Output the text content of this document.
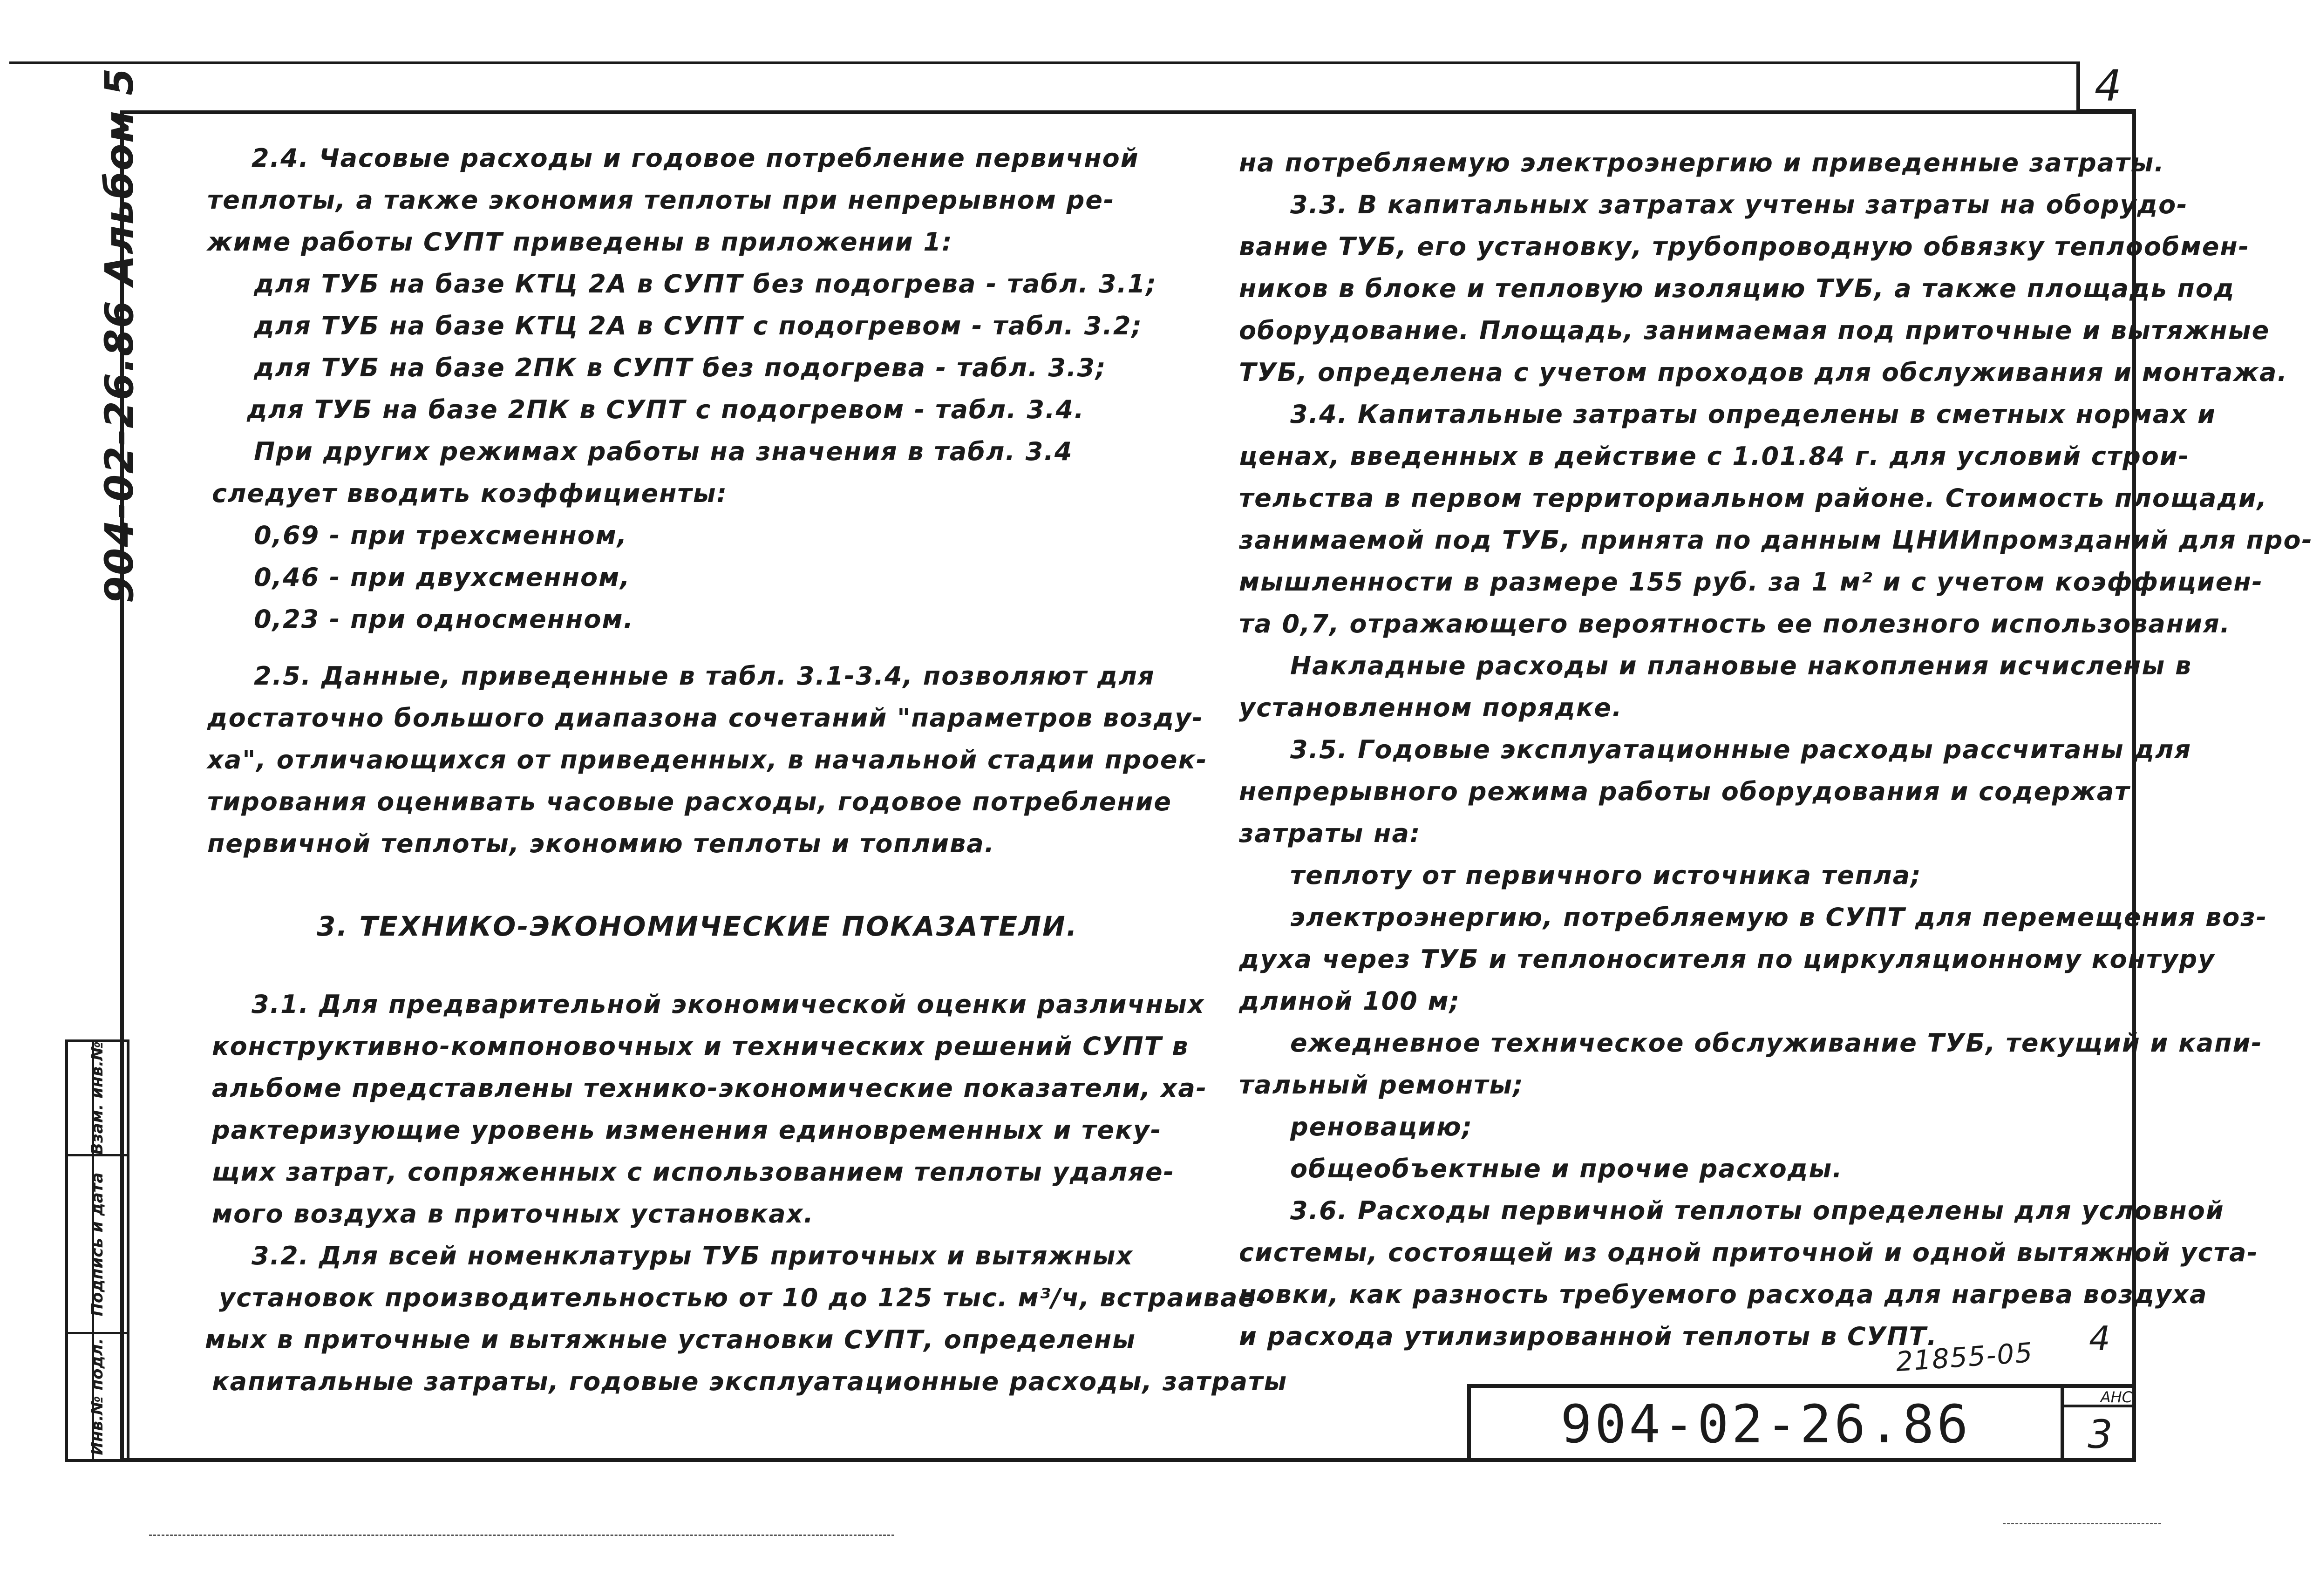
4
904-02-26.86 Альбом 5
Взам. инв.№
Подпись и дата
Инв.№ подл.
2.4. Часовые расходы и годовое потребление первичной
теплоты, а также экономия теплоты при непрерывном ре-
жиме работы СУПТ приведены в приложении 1:
для ТУБ на базе КТЦ 2А в СУПТ без подогрева - табл. 3.1;
для ТУБ на базе КТЦ 2А в СУПТ с подогревом - табл. 3.2;
для ТУБ на базе 2ПК в СУПТ без подогрева - табл. 3.3;
для ТУБ на базе 2ПК в СУПТ с подогревом - табл. 3.4.
При других режимах работы на значения в табл. 3.4
следует вводить коэффициенты:
0,69 - при трехсменном,
0,46 - при двухсменном,
0,23 - при односменном.
2.5. Данные, приведенные в табл. 3.1-3.4, позволяют для
достаточно большого диапазона сочетаний "параметров возду-
ха", отличающихся от приведенных, в начальной стадии проек-
тирования оценивать часовые расходы, годовое потребление
первичной теплоты, экономию теплоты и топлива.
3. ТЕХНИКО-ЭКОНОМИЧЕСКИЕ ПОКАЗАТЕЛИ.
3.1. Для предварительной экономической оценки различных
конструктивно-компоновочных и технических решений СУПТ в
альбоме представлены технико-экономические показатели, ха-
рактеризующие уровень изменения единовременных и теку-
щих затрат, сопряженных с использованием теплоты удаляе-
мого воздуха в приточных установках.
3.2. Для всей номенклатуры ТУБ приточных и вытяжных
установок производительностью от 10 до 125 тыс. м³/ч, встраивае-
мых в приточные и вытяжные установки СУПТ, определены
капитальные затраты, годовые эксплуатационные расходы, затраты
на потребляемую электроэнергию и приведенные затраты.
3.3. В капитальных затратах учтены затраты на оборудо-
вание ТУБ, его установку, трубопроводную обвязку теплообмен-
ников в блоке и тепловую изоляцию ТУБ, а также площадь под
оборудование. Площадь, занимаемая под приточные и вытяжные
ТУБ, определена с учетом проходов для обслуживания и монтажа.
3.4. Капитальные затраты определены в сметных нормах и
ценах, введенных в действие с 1.01.84 г. для условий строи-
тельства в первом территориальном районе. Стоимость площади,
занимаемой под ТУБ, принята по данным ЦНИИпромзданий для про-
мышленности в размере 155 руб. за 1 м² и с учетом коэффициен-
та 0,7, отражающего вероятность ее полезного использования.
Накладные расходы и плановые накопления исчислены в
установленном порядке.
3.5. Годовые эксплуатационные расходы рассчитаны для
непрерывного режима работы оборудования и содержат
затраты на:
теплоту от первичного источника тепла;
электроэнергию, потребляемую в СУПТ для перемещения воз-
духа через ТУБ и теплоносителя по циркуляционному контуру
длиной 100 м;
ежедневное техническое обслуживание ТУБ, текущий и капи-
тальный ремонты;
реновацию;
общеобъектные и прочие расходы.
3.6. Расходы первичной теплоты определены для условной
системы, состоящей из одной приточной и одной вытяжной уста-
новки, как разность требуемого расхода для нагрева воздуха
и расхода утилизированной теплоты в СУПТ.	4
21855-05
904-02-26.86	АНС
3
